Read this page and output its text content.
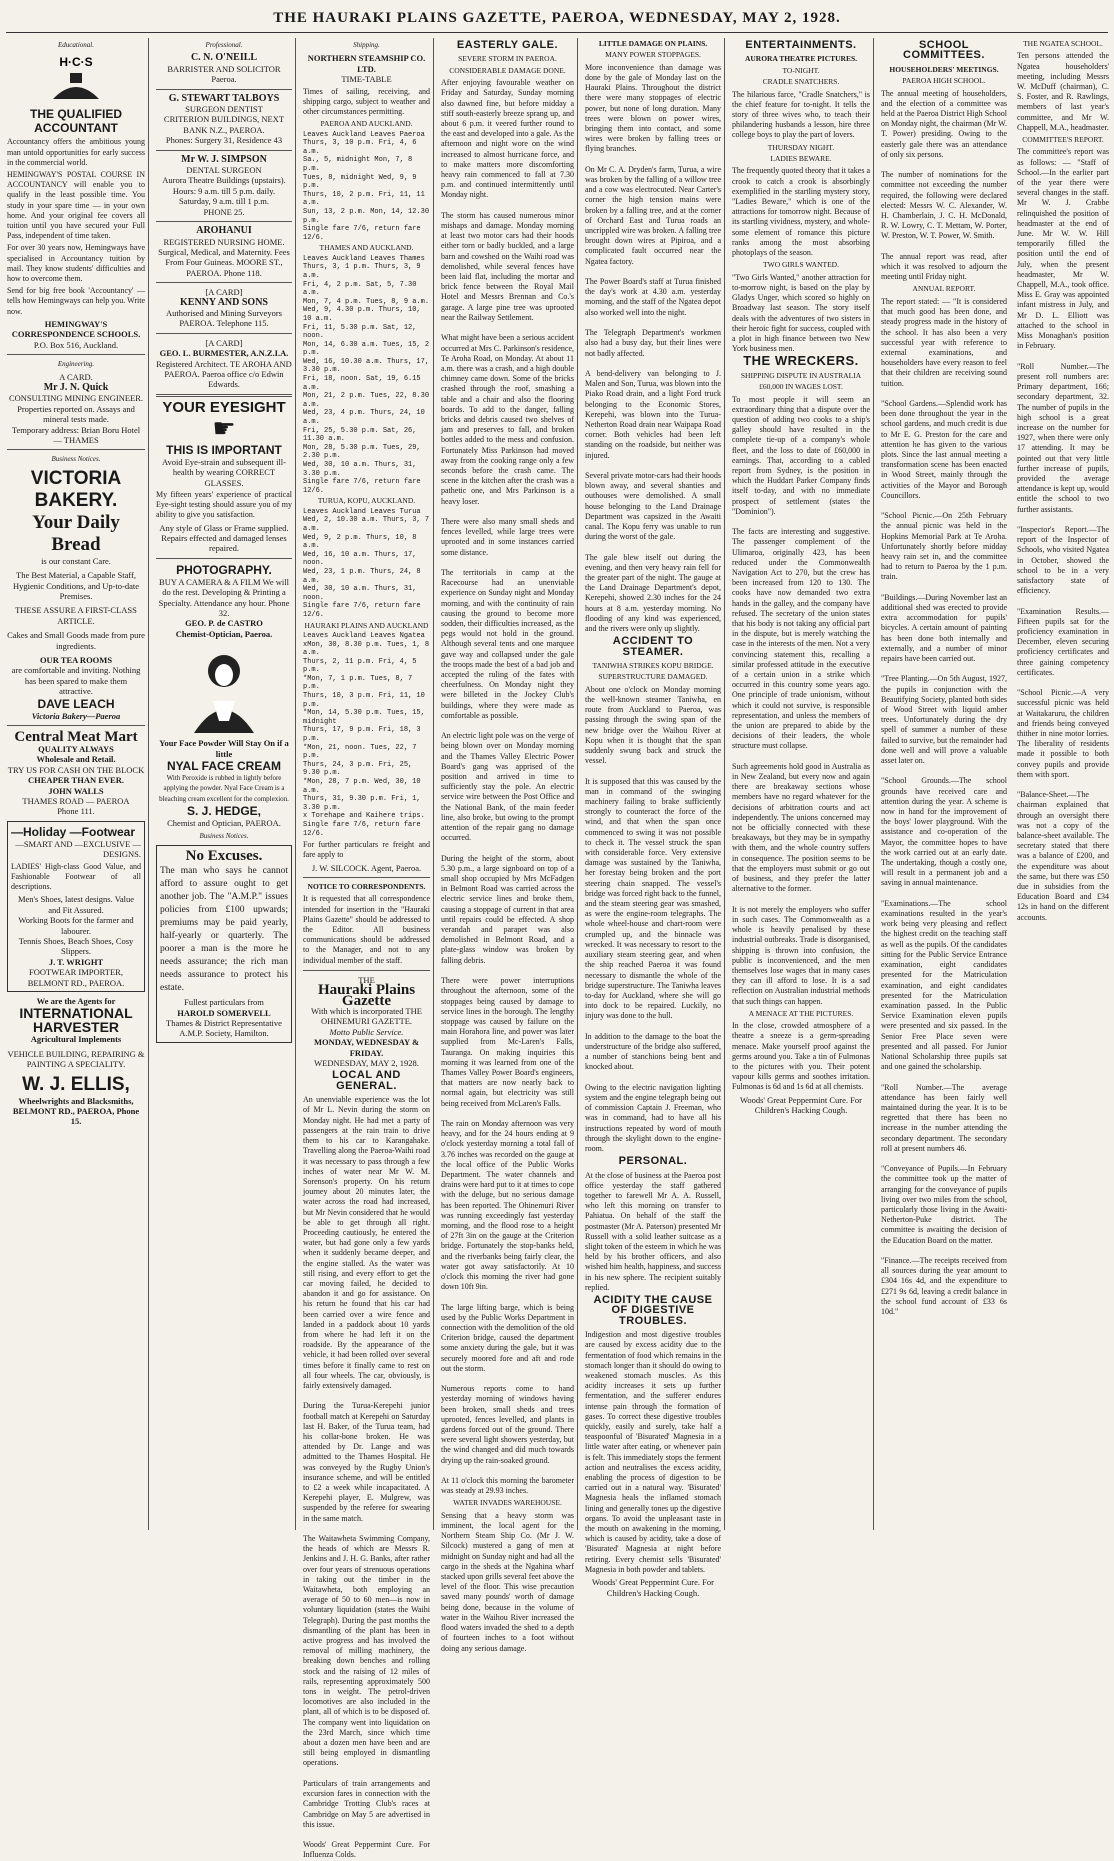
THE HAURAKI PLAINS GAZETTE, PAEROA, WEDNESDAY, MAY 2, 1928.
Educational.
H·C·S
THE QUALIFIED ACCOUNTANT
Accountancy offers the ambitious young man untold opportunities for early success in the commercial world.
HEMINGWAY'S POSTAL COURSE IN ACCOUNTANCY will enable you to qualify in the least possible time. You study in your spare time — in your own home. And your original fee covers all tuition until you have secured your Full Pass, independent of time taken.
For over 30 years now, Hemingways have specialised in Accountancy tuition by mail. They know students' difficulties and how to overcome them.
Send for big free book 'Accountancy' — tells how Hemingways can help you. Write now.
HEMINGWAY'S CORRESPONDENCE SCHOOLS.
P.O. Box 516, Auckland.
Engineering.
A CARD.
Mr J. N. Quick
CONSULTING MINING ENGINEER.
Properties reported on. Assays and mineral tests made.
Temporary address: Brian Boru Hotel — THAMES
Business Notices.
VICTORIA BAKERY.
Your Daily Bread
is our constant Care.
The Best Material, a Capable Staff, Hygienic Conditions, and Up-to-date Premises.
THESE ASSURE A FIRST-CLASS ARTICLE.
Cakes and Small Goods made from pure ingredients.
OUR TEA ROOMS
are comfortable and inviting. Nothing has been spared to make them attractive.
DAVE LEACH
Victoria Bakery—Paeroa
Central Meat Mart
QUALITY ALWAYS
Wholesale and Retail.
TRY US FOR CASH ON THE BLOCK
CHEAPER THAN EVER.
JOHN WALLS
THAMES ROAD — PAEROA
Phone 111.
—Holiday —Footwear
—SMART AND —EXCLUSIVE —DESIGNS.
LADIES' High-class Good Value, and Fashionable Footwear of all descriptions.
Men's Shoes, latest designs. Value and Fit Assured.
Working Boots for the farmer and labourer.
Tennis Shoes, Beach Shoes, Cosy Slippers.
J. T. WRIGHT
FOOTWEAR IMPORTER, BELMONT RD., PAEROA.
We are the Agents for
INTERNATIONAL HARVESTER
Agricultural Implements
VEHICLE BUILDING, REPAIRING & PAINTING A SPECIALITY.
W. J. ELLIS,
Wheelwrights and Blacksmiths,
BELMONT RD., PAEROA, Phone 15.
Professional.
C. N. O'NEILL
BARRISTER AND SOLICITOR Paeroa.
G. STEWART TALBOYS
SURGEON DENTIST
CRITERION BUILDINGS, NEXT BANK N.Z., PAEROA.
Phones: Surgery 31, Residence 43
Mr W. J. SIMPSON
DENTAL SURGEON
Aurora Theatre Buildings (upstairs).
Hours: 9 a.m. till 5 p.m. daily. Saturday, 9 a.m. till 1 p.m.
PHONE 25.
AROHANUI
REGISTERED NURSING HOME.
Surgical, Medical, and Maternity. Fees From Four Guineas. MOORE ST., PAEROA. Phone 118.
[A CARD]
KENNY AND SONS
Authorised and Mining Surveyors PAEROA. Telephone 115.
[A CARD]
GEO. L. BURMESTER, A.N.Z.I.A.
Registered Architect. TE AROHA AND PAEROA. Paeroa office c/o Edwin Edwards.
YOUR EYESIGHT
☛
THIS IS IMPORTANT
Avoid Eye-strain and subsequent ill-health by wearing CORRECT GLASSES.
My fifteen years' experience of practical Eye-sight testing should assure you of my ability to give you satisfaction.
Any style of Glass or Frame supplied.
Repairs effected and damaged lenses repaired.
PHOTOGRAPHY.
BUY A CAMERA & A FILM We will do the rest. Developing & Printing a Specialty. Attendance any hour. Phone 32.
GEO. P. de CASTRO
Chemist-Optician, Paeroa.
Your Face Powder Will Stay On if a little
NYAL FACE CREAM
With Peroxide is rubbed in lightly before applying the powder. Nyal Face Cream is a bleaching cream excellent for the complexion.
S. J. HEDGE,
Chemist and Optician, PAEROA.
Business Notices.
No Excuses.
The man who says he cannot afford to assure ought to get another job. The "A.M.P." issues policies from £100 upwards; premiums may be paid yearly, half-yearly or quarterly. The poorer a man is the more he needs assurance; the rich man needs assurance to protect his estate.
Fullest particulars from
HAROLD SOMERVELL
Thames & District Representative A.M.P. Society, Hamilton.
Shipping.
NORTHERN STEAMSHIP CO. LTD.
TIME-TABLE
Times of sailing, receiving, and shipping cargo, subject to weather and other circumstances permitting.
PAEROA AND AUCKLAND.
Leaves Auckland Leaves Paeroa
Thurs, 3, 10 p.m. Fri, 4, 6 a.m.
Sa., 5, midnight Mon, 7, 8 p.m.
Tues, 8, midnight Wed, 9, 9 p.m.
Thurs, 10, 2 p.m. Fri, 11, 11 a.m.
Sun, 13, 2 p.m. Mon, 14, 12.30 p.m.
Single fare 7/6, return fare 12/6.
THAMES AND AUCKLAND.
Leaves Auckland Leaves Thames
Thurs, 3, 1 p.m. Thurs, 3, 9 a.m.
Fri, 4, 2 p.m. Sat, 5, 7.30 a.m.
Mon, 7, 4 p.m. Tues, 8, 9 a.m.
Wed, 9, 4.30 p.m. Thurs, 10, 10 a.m.
Fri, 11, 5.30 p.m. Sat, 12, noon.
Mon, 14, 6.30 a.m. Tues, 15, 2 p.m.
Wed, 16, 10.30 a.m. Thurs, 17, 3.30 p.m.
Fri, 18, noon. Sat, 19, 6.15 a.m.
Mon, 21, 2 p.m. Tues, 22, 8.30 a.m.
Wed, 23, 4 p.m. Thurs, 24, 10 a.m.
Fri, 25, 5.30 p.m. Sat, 26, 11.30 a.m.
Mon, 28, 5.30 p.m. Tues, 29, 2.30 p.m.
Wed, 30, 10 a.m. Thurs, 31, 3.30 p.m.
Single fare 7/6, return fare 12/6.
TURUA, KOPU, AUCKLAND.
Leaves Auckland Leaves Turua
Wed, 2, 10.30 a.m. Thurs, 3, 7 a.m.
Wed, 9, 2 p.m. Thurs, 10, 8 a.m.
Wed, 16, 10 a.m. Thurs, 17, noon.
Wed, 23, 1 p.m. Thurs, 24, 8 a.m.
Wed, 30, 10 a.m. Thurs, 31, noon.
Single fare 7/6, return fare 12/6.
HAURAKI PLAINS AND AUCKLAND
Leaves Auckland Leaves Ngatea
xMon, 30, 8.30 p.m. Tues, 1, 8 a.m.
Thurs, 2, 11 p.m. Fri, 4, 5 p.m.
*Mon, 7, 1 p.m. Tues, 8, 7 p.m.
Thurs, 10, 3 p.m. Fri, 11, 10 p.m.
*Mon, 14, 5.30 p.m. Tues, 15, midnight
Thurs, 17, 9 p.m. Fri, 18, 3 p.m.
*Mon, 21, noon. Tues, 22, 7 p.m.
Thurs, 24, 3 p.m. Fri, 25, 9.30 p.m.
*Mon, 28, 7 p.m. Wed, 30, 10 a.m.
Thurs, 31, 9.30 p.m. Fri, 1, 3.30 p.m.
x Torehape and Kaihere trips.
Single fare 7/6, return fare 12/6.
For further particulars re freight and fare apply to
J. W. SILCOCK. Agent, Paeroa.
NOTICE TO CORRESPONDENTS.
It is requested that all correspondence intended for insertion in the "Hauraki Plains Gazette" should be addressed to the Editor. All business communications should be addressed to the Manager, and not to any individual member of the staff.
THE
Hauraki Plains Gazette
With which is incorporated THE OHINEMURI GAZETTE.
Motto Public Service.
MONDAY, WEDNESDAY & FRIDAY.
WEDNESDAY, MAY 2, 1928.
LOCAL AND GENERAL.
An unenviable experience was the lot of Mr L. Nevin during the storm on Monday night. He had met a party of passengers at the rain train to drive them to his car to Karangahake. Travelling along the Paeroa-Waihi road it was necessary to pass through a few inches of water near Mr W. M. Sorenson's property. On his return journey about 20 minutes later, the water across the road had increased, but Mr Nevin considered that he would be able to get through all right. Proceeding cautiously, he entered the water, but had gone only a few yards when it suddenly became deeper, and the engine stalled. As the water was still rising, and every effort to get the car moving failed, he decided to abandon it and go for assistance. On his return he found that his car had been carried over a wire fence and landed in a paddock about 10 yards from where he had left it on the roadside. By the appearance of the vehicle, it had been rolled over several times before it finally came to rest on all four wheels. The car, obviously, is fairly extensively damaged.

During the Turua-Kerepehi junior football match at Kerepehi on Saturday last H. Baker, of the Turua team, had his collar-bone broken. He was attended by Dr. Lange and was admitted to the Thames Hospital. He was conveyed by the Rugby Union's insurance scheme, and will be entitled to £2 a week while incapacitated. A Kerepehi player, E. Mulgrew, was suspended by the referee for swearing in the same match.

The Waitawheta Swimming Company, the heads of which are Messrs R. Jenkins and J. H. G. Banks, after rather over four years of strenuous operations in taking out the timber in the Waitawheta, both employing an average of 50 to 60 men—is now in voluntary liquidation (states the Waihi Telegraph). During the past months the dismantling of the plant has been in active progress and has involved the removal of milling machinery, the breaking down benches and rolling stock and the raising of 12 miles of rails, representing approximately 500 tons in weight. The petrol-driven locomotives are also included in the plant, all of which is to be disposed of. The company went into liquidation on the 23rd March, since which time about a dozen men have been and are still being employed in dismantling operations.

Particulars of train arrangements and excursion fares in connection with the Cambridge Trotting Club's races at Cambridge on May 5 are advertised in this issue.

Woods' Great Peppermint Cure. For Influenza Colds.
EASTERLY GALE.
SEVERE STORM IN PAEROA.
CONSIDERABLE DAMAGE DONE.
After enjoying favourable weather on Friday and Saturday, Sunday morning also dawned fine, but before midday a stiff south-easterly breeze sprang up, and about 6 p.m. it veered further round to the east and developed into a gale. As the afternoon and night wore on the wind increased to almost hurricane force, and to make matters more discomforting heavy rain commenced to fall at 7.30 p.m. and continued intermittently until Monday night.

The storm has caused numerous minor mishaps and damage. Monday morning at least two motor cars had their hoods either torn or badly buckled, and a large barn and cowshed on the Waihi road was demolished, while several fences have been laid flat, including the mortar and brick fence between the Royal Mail Hotel and Messrs Brennan and Co.'s garage. A large pine tree was uprooted near the Railway Settlement.

What might have been a serious accident occurred at Mrs C. Parkinson's residence, Te Aroha Road, on Monday. At about 11 a.m. there was a crash, and a high double chimney came down. Some of the bricks crashed through the roof, smashing a table and a chair and also the flooring boards. To add to the danger, falling bricks and debris caused two shelves of jam and preserves to fall, and broken bottles added to the mess and confusion. Fortunately Miss Parkinson had moved away from the cooking range only a few seconds before the crash came. The scene in the kitchen after the crash was a pathetic one, and Mrs Parkinson is a heavy loser.

There were also many small sheds and fences levelled, while large trees were uprooted and in some instances carried some distance.

The territorials in camp at the Racecourse had an unenviable experience on Sunday night and Monday morning, and with the continuity of rain causing the ground to become more sodden, their difficulties increased, as the pegs would not hold in the ground. Although several tents and one marquee gave way and collapsed under the gale the troops made the best of a bad job and accepted the ruling of the fates with cheerfulness. On Monday night they were billeted in the Jockey Club's buildings, where they were made as comfortable as possible.

An electric light pole was on the verge of being blown over on Monday morning and the Thames Valley Electric Power Board's gang was apprised of the position and arrived in time to sufficiently stay the pole. An electric service wire between the Post Office and the National Bank, of the main feeder line, also broke, but owing to the prompt attention of the repair gang no damage occurred.

During the height of the storm, about 5.30 p.m., a large signboard on top of a small shop occupied by Mrs McFadgen in Belmont Road was carried across the electric service lines and broke them, causing a stoppage of current in that area until repairs could be effected. A shop verandah and parapet was also demolished in Belmont Road, and a plate-glass window was broken by falling debris.

There were power interruptions throughout the afternoon, some of the stoppages being caused by damage to service lines in the borough. The lengthy stoppage was caused by failure on the main Horahora line, and power was later supplied from Mc-Laren's Falls, Tauranga. On making inquiries this morning it was learned from one of the Thames Valley Power Board's engineers, that matters are now nearly back to normal again, but electricity was still being received from McLaren's Falls.

The rain on Monday afternoon was very heavy, and for the 24 hours ending at 9 o'clock yesterday morning a total fall of 3.76 inches was recorded on the gauge at the local office of the Public Works Department. The water channels and drains were hard put to it at times to cope with the deluge, but no serious damage has been reported. The Ohinemuri River was running exceedingly fast yesterday morning, and the flood rose to a height of 27ft 3in on the gauge at the Criterion bridge. Fortunately the stop-banks held, and the riverbanks being fairly clear, the water got away satisfactorily. At 10 o'clock this morning the river had gone down 10ft 9in.

The large lifting barge, which is being used by the Public Works Department in connection with the demolition of the old Criterion bridge, caused the department some anxiety during the gale, but it was securely moored fore and aft and rode out the storm.

Numerous reports come to hand yesterday morning of windows having been broken, small sheds and trees uprooted, fences levelled, and plants in gardens forced out of the ground. There were several light showers yesterday, but the wind changed and did much towards drying up the rain-soaked ground.

At 11 o'clock this morning the barometer was steady at 29.93 inches.
WATER INVADES WAREHOUSE.
Sensing that a heavy storm was imminent, the local agent for the Northern Steam Ship Co. (Mr J. W. Silcock) mustered a gang of men at midnight on Sunday night and had all the cargo in the sheds at the Ngahina wharf stacked upon grills several feet above the level of the floor. This wise precaution saved many pounds' worth of damage being done, because in the volume of water in the Waihou River increased the flood waters invaded the shed to a depth of fourteen inches to a foot without doing any serious damage.
LITTLE DAMAGE ON PLAINS.
MANY POWER STOPPAGES.
More inconvenience than damage was done by the gale of Monday last on the Hauraki Plains. Throughout the district there were many stoppages of electric power, but none of long duration. Many trees were blown on power wires, bringing them into contact, and some wires were broken by falling trees or flying branches.

On Mr C. A. Dryden's farm, Turua, a wire was broken by the falling of a willow tree and a cow was electrocuted. Near Carter's corner the high tension mains were broken by a falling tree, and at the corner of Orchard East and Turua roads an uncrippled wire was broken. A falling tree brought down wires at Pipiroa, and a complicated fault occurred near the Ngatea factory.

The Power Board's staff at Turua finished the day's work at 4.30 a.m. yesterday morning, and the staff of the Ngatea depot also worked well into the night.

The Telegraph Department's workmen also had a busy day, but their lines were not badly affected.

A bend-delivery van belonging to J. Malen and Son, Turua, was blown into the Piako Road drain, and a light Ford truck belonging to the Economic Stores, Kerepehi, was blown into the Turua-Netherton Road drain near Waipapa Road corner. Both vehicles had been left standing on the roadside, but neither was injured.

Several private motor-cars had their hoods blown away, and several shanties and outhouses were demolished. A small house belonging to the Land Drainage Department was capsized in the Awaiti canal. The Kopu ferry was unable to run during the worst of the gale.

The gale blew itself out during the evening, and then very heavy rain fell for the greater part of the night. The gauge at the Land Drainage Department's depot, Kerepehi, showed 2.30 inches for the 24 hours at 8 a.m. yesterday morning. No flooding of any kind was experienced, and the rivers were only up slightly.
ACCIDENT TO STEAMER.
TANIWHA STRIKES KOPU BRIDGE.
SUPERSTRUCTURE DAMAGED.
About one o'clock on Monday morning the well-known steamer Taniwha, en route from Auckland to Paeroa, was passing through the swing span of the new bridge over the Waihou River at Kopu when it is thought that the span suddenly swung back and struck the vessel.

It is supposed that this was caused by the man in command of the swinging machinery failing to brake sufficiently strongly to counteract the force of the wind, and that when the span once commenced to swing it was not possible to check it. The vessel struck the span with considerable force. Very extensive damage was sustained by the Taniwha, her forestay being broken and the port steering chain snapped. The vessel's bridge was forced right back to the funnel, and the steam steering gear was smashed, as were the engine-room telegraphs. The whole wheel-house and chart-room were crumpled up, and the binnacle was wrecked. It was necessary to resort to the auxiliary steam steering gear, and when the ship reached Paeroa it was found necessary to dismantle the whole of the bridge superstructure. The Taniwha leaves to-day for Auckland, where she will go into dock to be repaired. Luckily, no injury was done to the hull.

In addition to the damage to the boat the understructure of the bridge also suffered, a number of stanchions being bent and knocked about.

Owing to the electric navigation lighting system and the engine telegraph being out of commission Captain J. Freeman, who was in command, had to have all his instructions repeated by word of mouth through the skylight down to the engine-room.
PERSONAL.
At the close of business at the Paeroa post office yesterday the staff gathered together to farewell Mr A. A. Russell, who left this morning on transfer to Pahiatua. On behalf of the staff the postmaster (Mr A. Paterson) presented Mr Russell with a solid leather suitcase as a slight token of the esteem in which he was held by his brother officers, and also wished him health, happiness, and success in his new sphere. The recipient suitably replied.
ACIDITY THE CAUSE OF DIGESTIVE TROUBLES.
Indigestion and most digestive troubles are caused by excess acidity due to the fermentation of food which remains in the stomach longer than it should do owing to weakened stomach muscles. As this acidity increases it sets up further fermentation, and the sufferer endures intense pain through the formation of gases. To correct these digestive troubles quickly, easily and surely, take half a teaspoonful of 'Bisurated' Magnesia in a little water after eating, or whenever pain is felt. This immediately stops the ferment action and neutralises the excess acidity, enabling the process of digestion to be carried out in a natural way. 'Bisurated' Magnesia heals the inflamed stomach lining and generally tones up the digestive organs. To avoid the unpleasant taste in the mouth on awakening in the morning, which is caused by acidity, take a dose of 'Bisurated' Magnesia at night before retiring. Every chemist sells 'Bisurated' Magnesia in both powder and tablets.
Woods' Great Peppermint Cure. For Children's Hacking Cough.
ENTERTAINMENTS.
AURORA THEATRE PICTURES.
TO-NIGHT.
CRADLE SNATCHERS.
The hilarious farce, "Cradle Snatchers," is the chief feature for to-night. It tells the story of three wives who, to teach their philandering husbands a lesson, hire three college boys to play the part of lovers.
THURSDAY NIGHT.
LADIES BEWARE.
The frequently quoted theory that it takes a crook to catch a crook is absorbingly exemplified in the startling mystery story, "Ladies Beware," which is one of the attractions for tomorrow night. Because of its startling vividness, mystery, and whole-some element of romance this picture ranks among the most absorbing photoplays of the season.
TWO GIRLS WANTED.
"Two Girls Wanted," another attraction for to-morrow night, is based on the play by Gladys Unger, which scored so highly on Broadway last season. The story itself deals with the adventures of two sisters in their heroic fight for success, coupled with a plot in high finance between two New York business men.
THE WRECKERS.
SHIPPING DISPUTE IN AUSTRALIA
£60,000 IN WAGES LOST.
To most people it will seem an extraordinary thing that a dispute over the question of adding two cooks to a ship's galley should have resulted in the complete tie-up of a company's whole fleet, and the loss to date of £60,000 in earnings. That, according to a cabled report from Sydney, is the position in which the Huddart Parker Company finds itself to-day, and with no immediate prospect of settlement (states the "Dominion").

The facts are interesting and suggestive. The passenger complement of the Ulimaroa, originally 423, has been reduced under the Commonwealth Navigation Act to 270, but the crew has been increased from 120 to 130. The cooks have now demanded two extra hands in the galley, and the company have refused. The secretary of the union states that his body is not taking any official part in the dispute, but is merely watching the case in the interests of the men. Not a very convincing statement this, recalling a similar professed attitude in the executive of a certain union in a strike which occurred in this country some years ago. One principle of trade unionism, without which it could not survive, is responsible representation, and unless the members of the union are prepared to abide by the decisions of their leaders, the whole structure must collapse.

Such agreements hold good in Australia as in New Zealand, but every now and again there are breakaway sections whose members have no regard whatever for the decisions of arbitration courts and act independently. The unions concerned may not be officially connected with these breakaways, but they may be in sympathy with them, and the whole country suffers in consequence. The position seems to be that the employers must submit or go out of business, and they prefer the latter alternative to the former.

It is not merely the employers who suffer in such cases. The Commonwealth as a whole is heavily penalised by these industrial outbreaks. Trade is disorganised, shipping is thrown into confusion, the public is inconvenienced, and the men themselves lose wages that in many cases they can ill afford to lose. It is a sad reflection on Australian industrial methods that such things can happen.
A MENACE AT THE PICTURES.
In the close, crowded atmosphere of a theatre a sneeze is a germ-spreading menace. Make yourself proof against the germs around you. Take a tin of Fulmonas to the pictures with you. Their potent vapour kills germs and soothes irritation. Fulmonas is 6d and 1s 6d at all chemists.
Woods' Great Peppermint Cure. For Children's Hacking Cough.
SCHOOL COMMITTEES.
HOUSEHOLDERS' MEETINGS.
PAEROA HIGH SCHOOL.
The annual meeting of householders, and the election of a committee was held at the Paeroa District High School on Monday night, the chairman (Mr W. T. Power) presiding. Owing to the easterly gale there was an attendance of only six persons.

The number of nominations for the committee not exceeding the number required, the following were declared elected: Messrs W. C. Alexander, W. H. Chamberlain, J. C. H. McDonald, R. W. Lowry, C. T. Mettam, W. Porter, W. Preston, W. T. Power, W. Smith.

The annual report was read, after which it was resolved to adjourn the meeting until Friday night.
ANNUAL REPORT.
The report stated: — "It is considered that much good has been done, and steady progress made in the history of the school. It has also been a very successful year with reference to external examinations, and householders have every reason to feel that their children are receiving sound tuition.

"School Gardens.—Splendid work has been done throughout the year in the school gardens, and much credit is due to Mr E. G. Preston for the care and attention he has given to the various plots. Since the last annual meeting a transformation scene has been enacted in Wood Street, mainly through the activities of the Mayor and Borough Councillors.

"School Picnic.—On 25th February the annual picnic was held in the Hopkins Memorial Park at Te Aroha. Unfortunately shortly before midday heavy rain set in, and the committee had to return to Paeroa by the 1 p.m. train.

"Buildings.—During November last an additional shed was erected to provide extra accommodation for pupils' bicycles. A certain amount of painting has been done both internally and externally, and a number of minor repairs have been carried out.

"Tree Planting.—On 5th August, 1927, the pupils in conjunction with the Beautifying Society, planted both sides of Wood Street with liquid amber trees. Unfortunately during the dry spell of summer a number of these failed to survive, but the remainder had done well and will prove a valuable asset later on.

"School Grounds.—The school grounds have received care and attention during the year. A scheme is now in hand for the improvement of the boys' lower playground. With the assistance and co-operation of the Mayor, the committee hopes to have the work carried out at an early date. The undertaking, though a costly one, will result in a permanent job and a saving in annual maintenance.

"Examinations.—The school examinations resulted in the year's work being very pleasing and reflect the highest credit on the teaching staff as well as the pupils. Of the candidates sitting for the Public Service Entrance examination, eight candidates presented for the Matriculation examination, and eight candidates presented for the Matriculation examination passed. In the Public Service Examination eleven pupils were presented and six passed. In the Senior Free Place seven were presented and all passed. For Junior National Scholarship three pupils sat and one gained the scholarship.

"Roll Number.—The average attendance has been fairly well maintained during the year. It is to be regretted that there has been no increase in the number attending the secondary department. The secondary roll at present numbers 46.

"Conveyance of Pupils.—In February the committee took up the matter of arranging for the conveyance of pupils living over two miles from the school, particularly those living in the Awaiti-Netherton-Puke district. The committee is awaiting the decision of the Education Board on the matter.

"Finance.—The receipts received from all sources during the year amount to £304 16s 4d, and the expenditure to £271 9s 6d, leaving a credit balance in the school fund account of £33 6s 10d."
THE NGATEA SCHOOL.
Ten persons attended the Ngatea householders' meeting, including Messrs W. McDuff (chairman), C. S. Foster, and R. Rawlings, members of last year's committee, and Mr W. Chappell, M.A., headmaster.
COMMITTEE'S REPORT.
The committee's report was as follows: — "Staff of School.—In the earlier part of the year there were several changes in the staff. Mr W. J. Crabbe relinquished the position of headmaster at the end of June. Mr W. W. Hill temporarily filled the position until the end of July, when the present headmaster, Mr W. Chappell, M.A., took office. Miss E. Gray was appointed infant mistress in July, and Mr D. L. Elliott was attached to the school in Miss Monaghan's position in February.

"Roll Number.—The present roll numbers are: Primary department, 166; secondary department, 32. The number of pupils in the high school is a great increase on the number for 1927, when there were only 17 attending. It may be pointed out that very little further increase of pupils, provided the average attendance is kept up, would entitle the school to two further assistants.

"Inspector's Report.—The report of the Inspector of Schools, who visited Ngatea in October, showed the school to be in a very satisfactory state of efficiency.

"Examination Results.—Fifteen pupils sat for the proficiency examination in December, eleven securing proficiency certificates and three gaining competency certificates.

"School Picnic.—A very successful picnic was held at Waitakaruru, the children and friends being conveyed thither in nine motor lorries. The liberality of residents made it possible to both convey pupils and provide them with sport.

"Balance-Sheet.—The chairman explained that through an oversight there was not a copy of the balance-sheet available. The secretary stated that there was a balance of £200, and the expenditure was about the same, but there was £50 due in subsidies from the Education Board and £34 12s in hand on the different accounts.
